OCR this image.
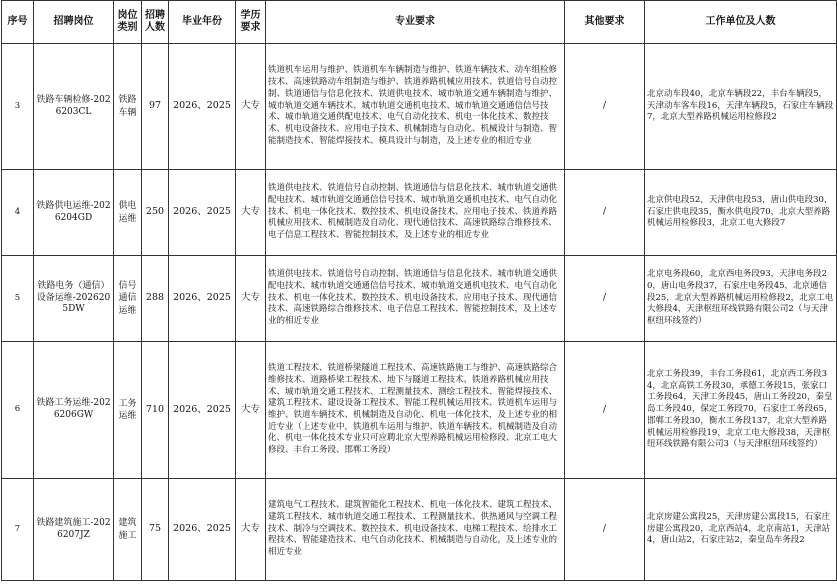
序号	招聘岗位	岗位类别	招聘人数	毕业年份	学历要求	专业要求	其他要求	工作单位及人数
3	铁路车辆检修-2026203CL	铁路车辆	97	2026、2025	大专	铁道机车运用与维护、铁道机车车辆制造与维护、铁道车辆技术、动车组检修技术、高速铁路动车组制造与维护、铁道养路机械应用技术、铁道信号自动控制、铁道通信与信息化技术、铁道供电技术、城市轨道交通车辆制造与维护、城市轨道交通车辆技术、城市轨道交通机电技术、城市轨道交通通信信号技术、城市轨道交通供配电技术、电气自动化技术、机电一体化技术、数控技术、机电设备技术、应用电子技术、机械制造与自动化、机械设计与制造、智能制造技术、智能焊接技术、模具设计与制造，及上述专业的相近专业	/	北京动车段40，北京车辆段22，丰台车辆段5，天津动车客车段16，天津车辆段5，石家庄车辆段7，北京大型养路机械运用检修段2
4	铁路供电运维-2026204GD	供电运维	250	2026、2025	大专	铁道供电技术、铁道信号自动控制、铁道通信与信息化技术、城市轨道交通供配电技术、城市轨道交通通信信号技术、城市轨道交通机电技术、电气自动化技术、机电一体化技术、数控技术、机电设备技术、应用电子技术、铁道养路机械应用技术、机械制造及自动化、现代通信技术、高速铁路综合维修技术、电子信息工程技术、智能控制技术，及上述专业的相近专业	/	北京供电段52，天津供电段53，唐山供电段30，石家庄供电段35，衡水供电段70，北京大型养路机械运用检修段3，北京工电大修段7
5	铁路电务（通信）设备运维-2026205DW	信号通信运维	288	2026、2025	大专	铁道供电技术、铁道信号自动控制、铁道通信与信息化技术、城市轨道交通供配电技术、城市轨道交通通信信号技术、城市轨道交通机电技术、电气自动化技术、机电一体化技术、数控技术、机电设备技术、应用电子技术、现代通信技术、高速铁路综合维修技术、电子信息工程技术、智能控制技术，及上述专业的相近专业	/	北京电务段60，北京西电务段93，天津电务段20，唐山电务段37，石家庄电务段45，北京通信段25，北京大型养路机械运用检修段2，北京工电大修段4，天津枢纽环线铁路有限公司2（与天津枢纽环线签约）
6	铁路工务运维-2026206GW	工务运维	710	2026、2025	大专	铁道工程技术、铁道桥梁隧道工程技术、高速铁路施工与维护、高速铁路综合维修技术、道路桥梁工程技术、地下与隧道工程技术、铁道养路机械应用技术、城市轨道交通工程技术、工程测量技术、测绘工程技术、智能焊接技术、建筑工程技术、建设设备工程技术、智能工程机械运用技术、铁道机车运用与维护、铁道车辆技术、机械制造及自动化、机电一体化技术，及上述专业的相近专业（上述专业中，铁道机车运用与维护、铁道车辆技术、机械制造及自动化、机电一体化技术专业只可应聘北京大型养路机械运用检修段、北京工电大修段、丰台工务段、邯郸工务段）	/	北京工务段39，丰台工务段61，北京西工务段34，北京高铁工务段30，承德工务段15，张家口工务段64，天津工务段45，唐山工务段20，秦皇岛工务段40，保定工务段70，石家庄工务段65，邯郸工务段30，衡水工务段137，北京大型养路机械运用检修段19，北京工电大修段38，天津枢纽环线铁路有限公司3（与天津枢纽环线签约）
7	铁路建筑施工-2026207JZ	建筑施工	75	2026、2025	大专	建筑电气工程技术、建筑智能化工程技术、机电一体化技术、建筑工程技术、建筑工程技术、城市轨道交通工程技术、工程测量技术、供热通风与空调工程技术、制冷与空调技术、数控技术、机电设备技术、电梯工程技术、给排水工程技术、智能建造技术、电气自动化技术、机械制造与自动化，及上述专业的相近专业	/	北京房建公寓段25，天津房建公寓段15，石家庄房建公寓段20，北京西站4，北京南站1，天津站4，唐山站2，石家庄站2，秦皇岛车务段2
